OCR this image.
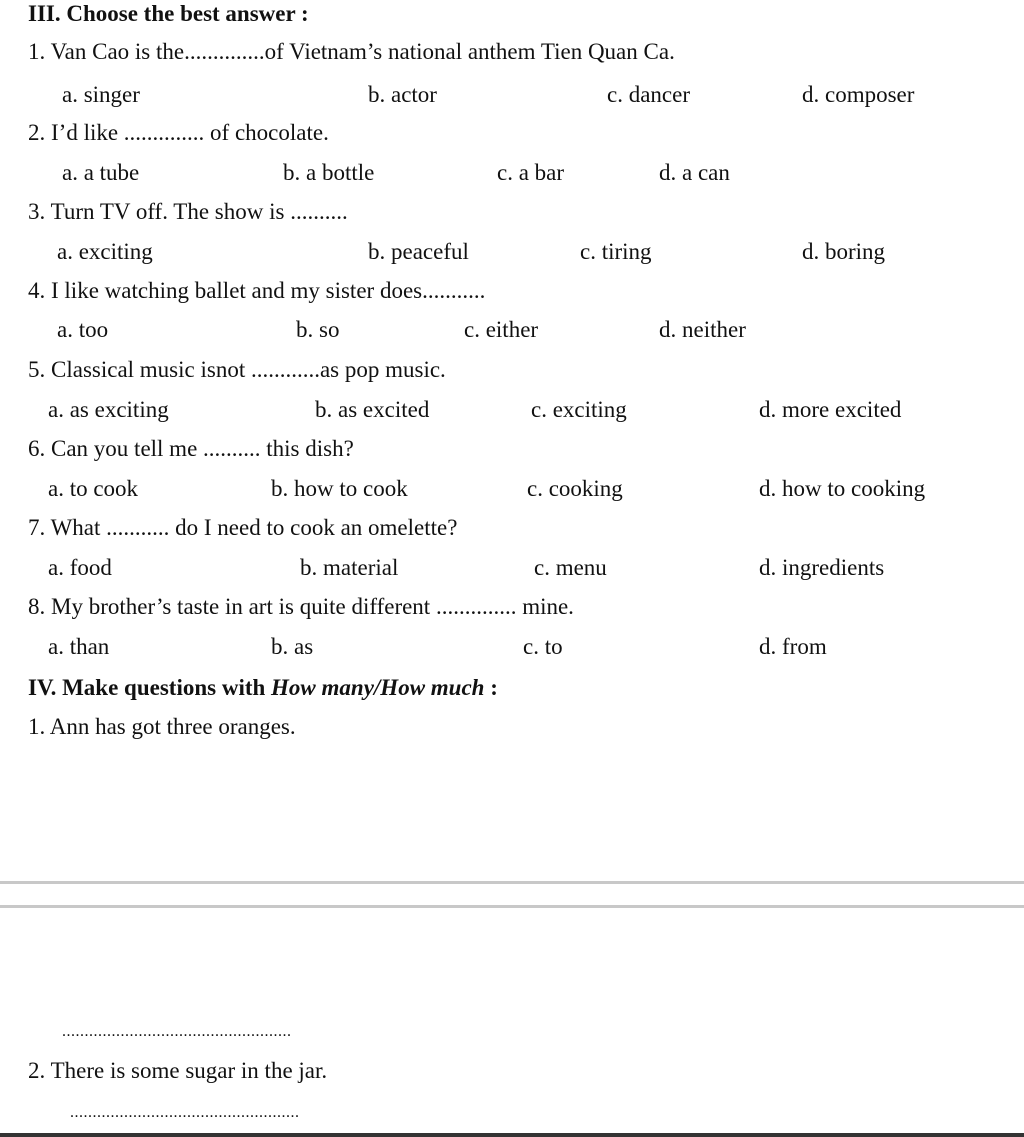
III. Choose the best answer :
1. Van Cao is the..............of Vietnam’s national anthem Tien Quan Ca.
a. singer	b. actor	c. dancer	d. composer
2. I’d like .............. of chocolate.
a. a tube	b. a bottle	c. a bar	d. a can
3. Turn TV off. The show is ..........
a. exciting	b. peaceful	c. tiring	d. boring
4. I like watching ballet and my sister does...........
a. too	b. so	c. either	d. neither
5. Classical music isnot ............as pop music.
a. as exciting	b. as excited	c. exciting	d. more excited
6. Can you tell me .......... this dish?
a. to cook	b. how to cook	c. cooking	d. how to cooking
7. What ........... do I need to cook an omelette?
a. food	b. material	c. menu	d. ingredients
8. My brother’s taste in art is quite different .............. mine.
a. than	b. as	c. to	d. from
IV. Make questions with How many/How much :
1. Ann has got three oranges.
...................................................
2. There is some sugar in the jar.
...................................................
